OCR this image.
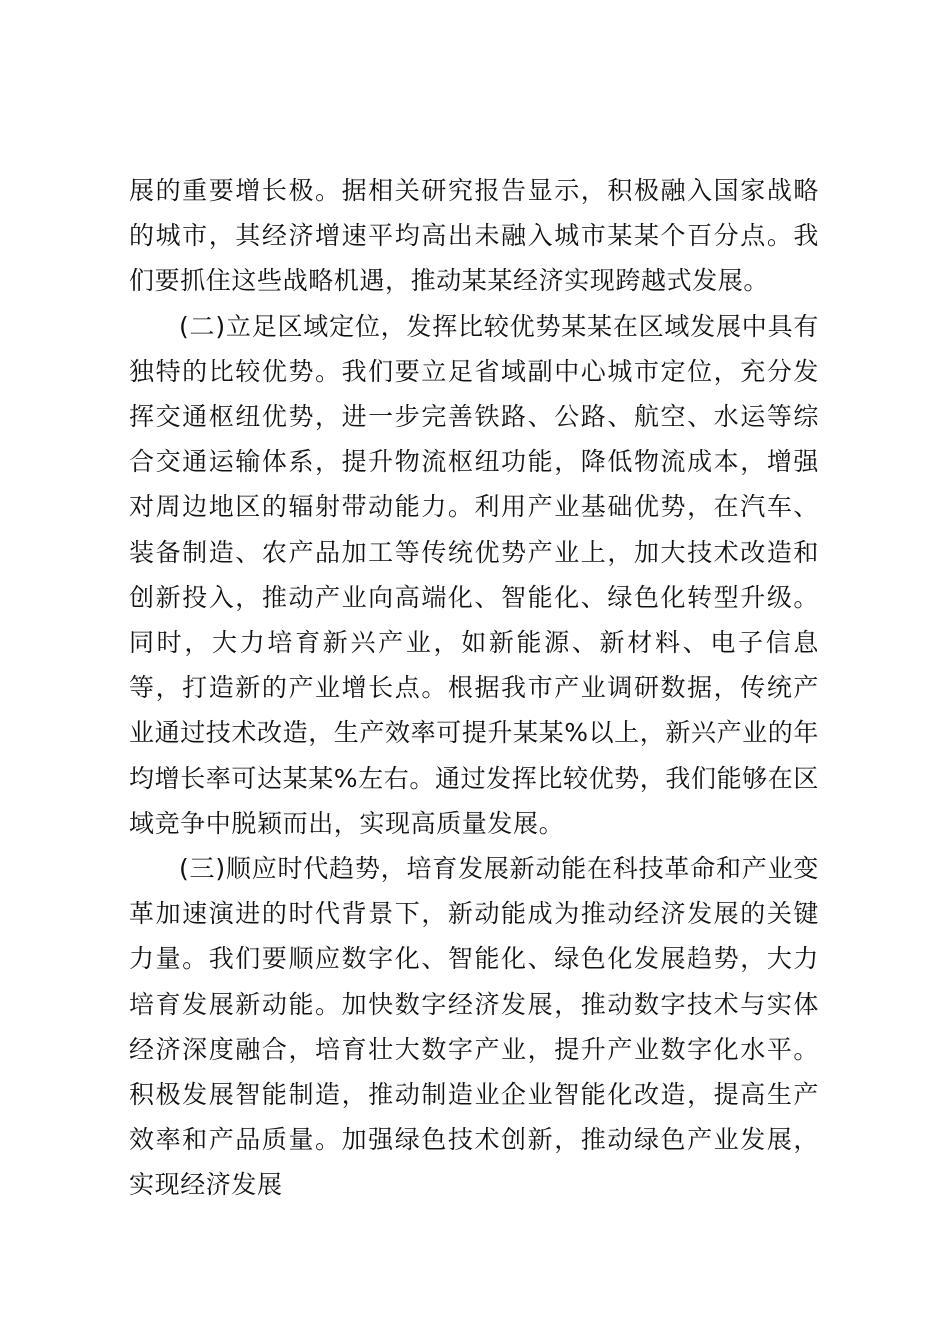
展的重要增长极。据相关研究报告显示，积极融入国家战略的城市，其经济增速平均高出未融入城市某某个百分点。我们要抓住这些战略机遇，推动某某经济实现跨越式发展。

(二)立足区域定位，发挥比较优势某某在区域发展中具有独特的比较优势。我们要立足省域副中心城市定位，充分发挥交通枢纽优势，进一步完善铁路、公路、航空、水运等综合交通运输体系，提升物流枢纽功能，降低物流成本，增强对周边地区的辐射带动能力。利用产业基础优势，在汽车、装备制造、农产品加工等传统优势产业上，加大技术改造和创新投入，推动产业向高端化、智能化、绿色化转型升级。同时，大力培育新兴产业，如新能源、新材料、电子信息等，打造新的产业增长点。根据我市产业调研数据，传统产业通过技术改造，生产效率可提升某某%以上，新兴产业的年均增长率可达某某%左右。通过发挥比较优势，我们能够在区域竞争中脱颖而出，实现高质量发展。

(三)顺应时代趋势，培育发展新动能在科技革命和产业变革加速演进的时代背景下，新动能成为推动经济发展的关键力量。我们要顺应数字化、智能化、绿色化发展趋势，大力培育发展新动能。加快数字经济发展，推动数字技术与实体经济深度融合，培育壮大数字产业，提升产业数字化水平。积极发展智能制造，推动制造业企业智能化改造，提高生产效率和产品质量。加强绿色技术创新，推动绿色产业发展，实现经济发展
